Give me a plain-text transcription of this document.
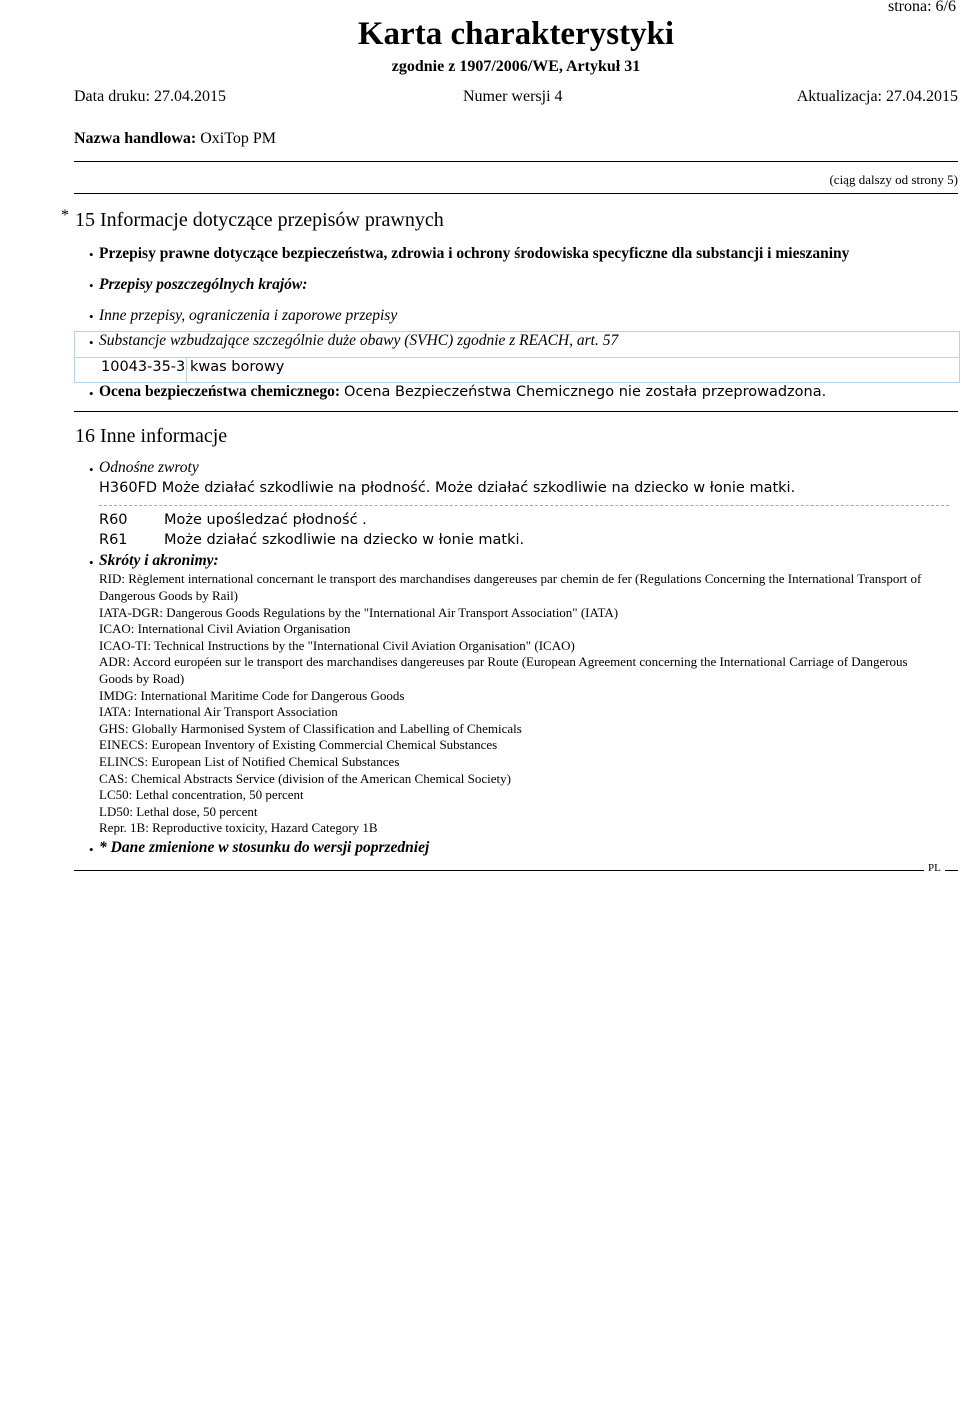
strona: 6/6
Karta charakterystyki
zgodnie z 1907/2006/WE, Artykuł 31
Data druku: 27.04.2015	Numer wersji 4	Aktualizacja: 27.04.2015
Nazwa handlowa: OxiTop PM
(ciąg dalszy od strony 5)
* 15 Informacje dotyczące przepisów prawnych
• Przepisy prawne dotyczące bezpieczeństwa, zdrowia i ochrony środowiska specyficzne dla substancji i mieszaniny
• Przepisy poszczególnych krajów:
• Inne przepisy, ograniczenia i zaporowe przepisy
• Substancje wzbudzające szczególnie duże obawy (SVHC) zgodnie z REACH, art. 57
10043-35-3 kwas borowy
• Ocena bezpieczeństwa chemicznego: Ocena Bezpieczeństwa Chemicznego nie została przeprowadzona.
16 Inne informacje
• Odnośne zwroty
H360FD Może działać szkodliwie na płodność. Może działać szkodliwie na dziecko w łonie matki.
R60	Może upośledzać płodność .
R61	Może działać szkodliwie na dziecko w łonie matki.
• Skróty i akronimy:
RID: Règlement international concernant le transport des marchandises dangereuses par chemin de fer (Regulations Concerning the International Transport of Dangerous Goods by Rail)
IATA-DGR: Dangerous Goods Regulations by the "International Air Transport Association" (IATA)
ICAO: International Civil Aviation Organisation
ICAO-TI: Technical Instructions by the "International Civil Aviation Organisation" (ICAO)
ADR: Accord européen sur le transport des marchandises dangereuses par Route (European Agreement concerning the International Carriage of Dangerous Goods by Road)
IMDG: International Maritime Code for Dangerous Goods
IATA: International Air Transport Association
GHS: Globally Harmonised System of Classification and Labelling of Chemicals
EINECS: European Inventory of Existing Commercial Chemical Substances
ELINCS: European List of Notified Chemical Substances
CAS: Chemical Abstracts Service (division of the American Chemical Society)
LC50: Lethal concentration, 50 percent
LD50: Lethal dose, 50 percent
Repr. 1B: Reproductive toxicity, Hazard Category 1B
• * Dane zmienione w stosunku do wersji poprzedniej
PL
